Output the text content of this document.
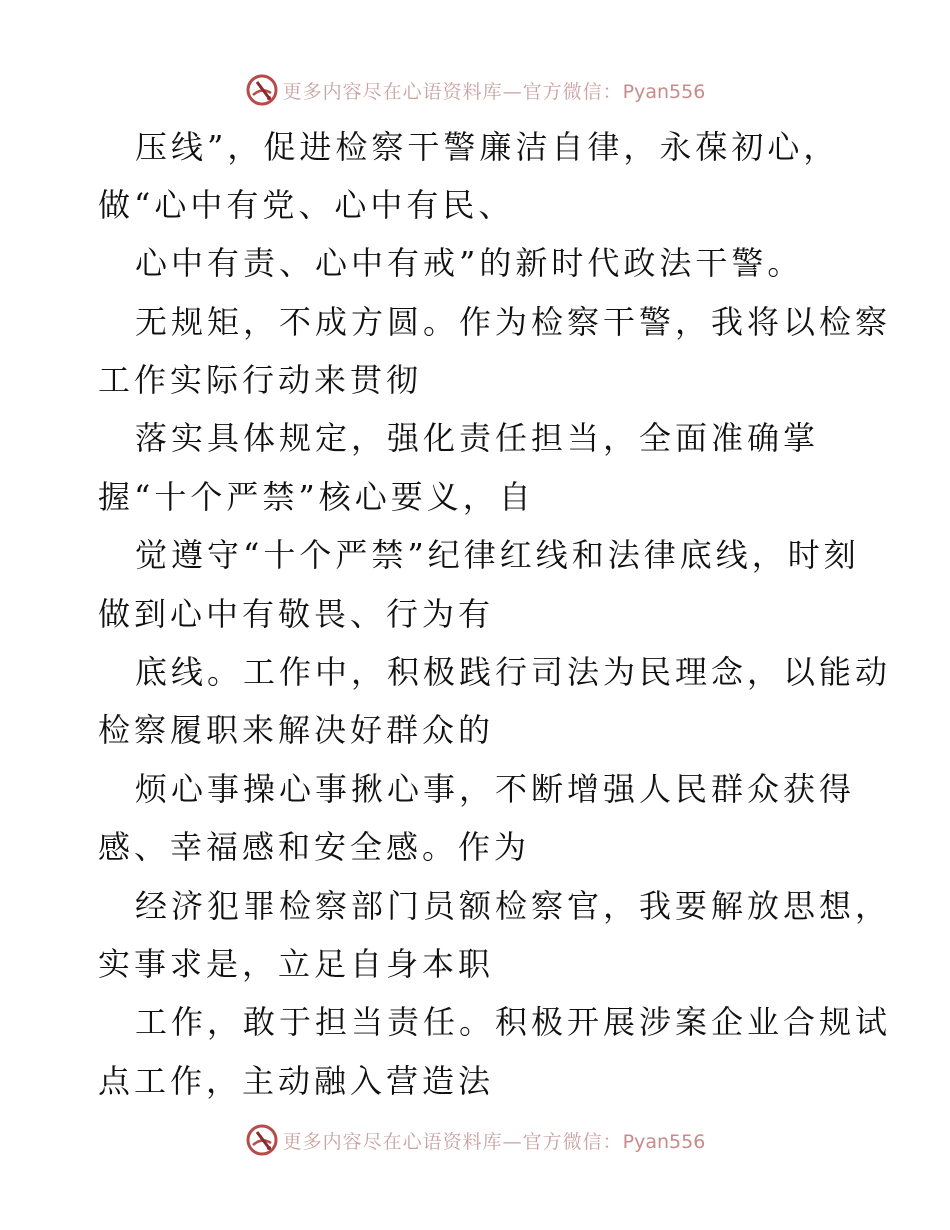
更多内容尽在心语资料库—官方微信：Pyan556
压线”，促进检察干警廉洁自律，永葆初心，
做“心中有党、心中有民、
心中有责、心中有戒”的新时代政法干警。
无规矩，不成方圆。作为检察干警，我将以检察
工作实际行动来贯彻
落实具体规定，强化责任担当，全面准确掌
握“十个严禁”核心要义，自
觉遵守“十个严禁”纪律红线和法律底线，时刻
做到心中有敬畏、行为有
底线。工作中，积极践行司法为民理念，以能动
检察履职来解决好群众的
烦心事操心事揪心事，不断增强人民群众获得
感、幸福感和安全感。作为
经济犯罪检察部门员额检察官，我要解放思想，
实事求是，立足自身本职
工作，敢于担当责任。积极开展涉案企业合规试
点工作，主动融入营造法
更多内容尽在心语资料库—官方微信：Pyan556
